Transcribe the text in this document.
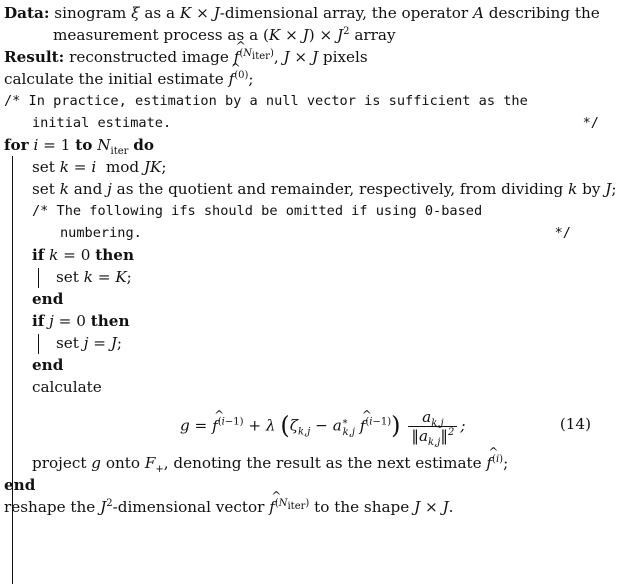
Data: sinogram ξ as a K × J-dimensional array, the operator A describing the
measurement process as a $(K \times J) \times J^2$ array
Result: reconstructed image ^ $f^{(N_{iter})}$, J × J pixels
calculate the initial estimate ^ $f^{(0)}$;
/* In practice, estimation by a null vector is sufficient as the
initial estimate.	*/
for i = 1 to $N_{iter}$ do
set k = i  mod JK;
set k and j as the quotient and remainder, respectively, from dividing k by J;
/* The following ifs should be omitted if using 0-based
numbering.	*/
if k = 0 then
set k = K;
end
if j = 0 then
set j = J;
end
calculate
g = ^ $f^{(i-1)} + \lambda$ ($\zeta_{k,j} - a^∗_{k,j}$ ^ $f^{(i-1)}) \frac{a_{k,j}}{‖a_{k,j}‖^2}$ ;	(14)
project g onto $F_+$, denoting the result as the next estimate ^ $f^{(i)}$;
end
reshape the $J^2$-dimensional vector ^ $f^{(N_{iter})}$ to the shape J × J.
